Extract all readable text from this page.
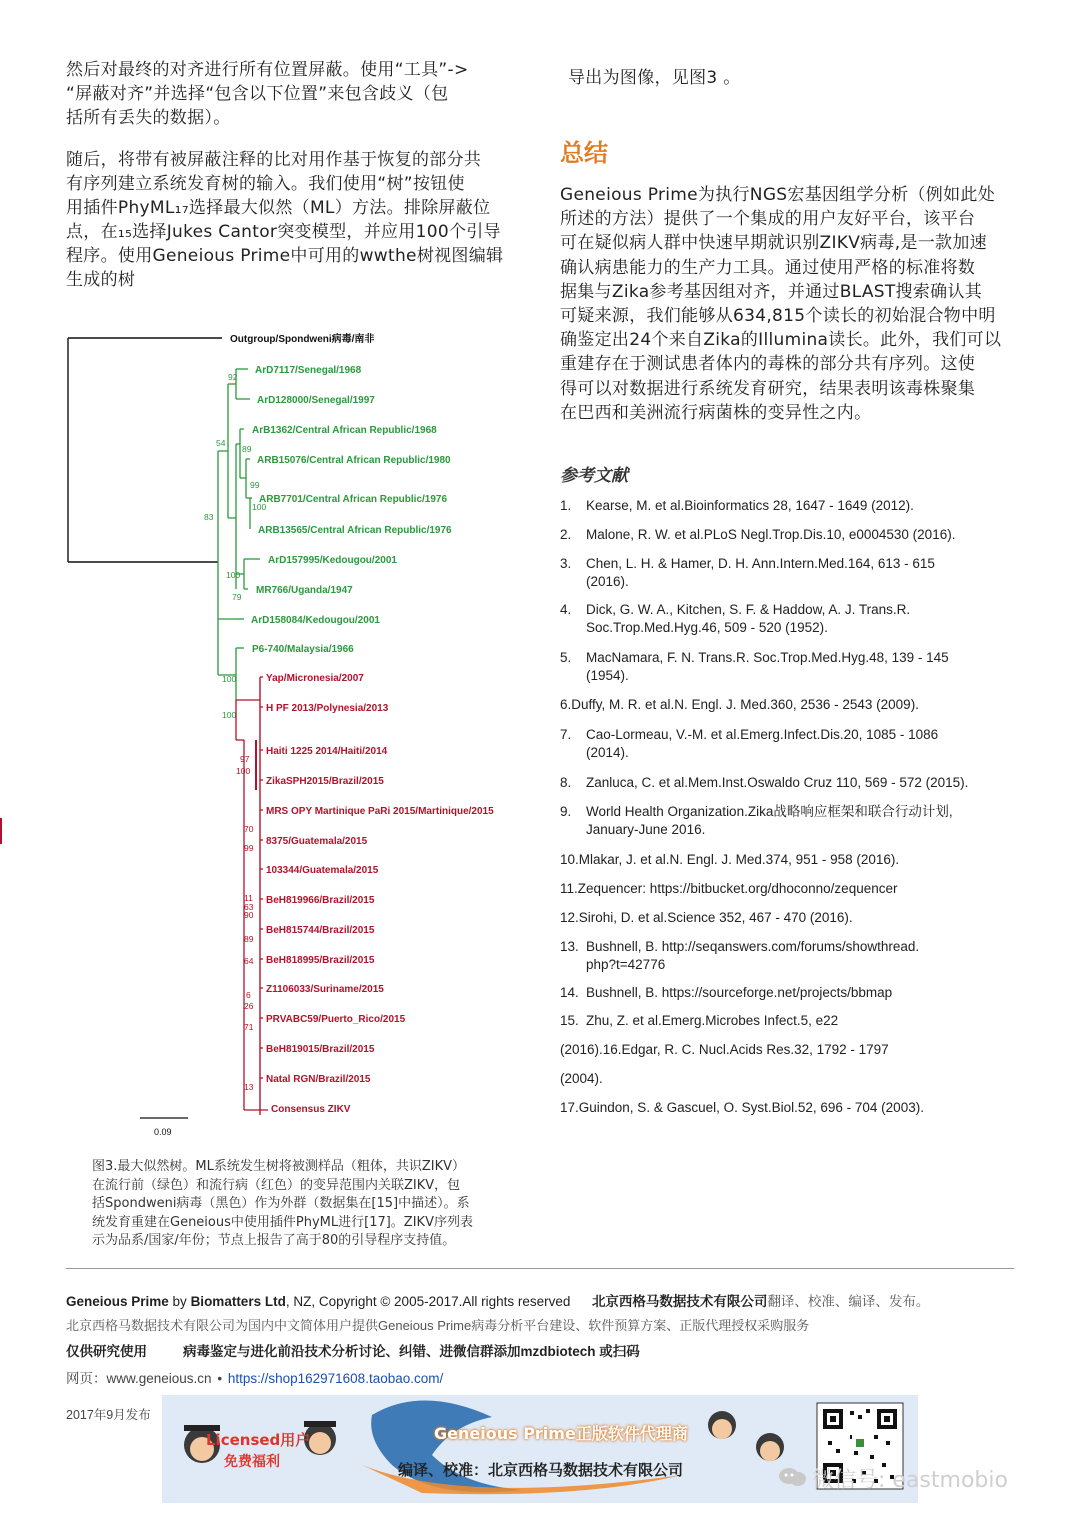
然后对最终的对齐进行所有位置屏蔽。使用“工具”->
“屏蔽对齐”并选择“包含以下位置”来包含歧义（包
括所有丢失的数据）。
随后，将带有被屏蔽注释的比对用作基于恢复的部分共
有序列建立系统发育树的输入。我们使用“树”按钮使
用插件PhyML₁₇选择最大似然（ML）方法。排除屏蔽位
点，在₁₅选择Jukes Cantor突变模型，并应用100个引导
程序。使用Geneious Prime中可用的wwthe树视图编辑
生成的树
导出为图像，见图3 。
总结
Geneious Prime为执行NGS宏基因组学分析（例如此处
所述的方法）提供了一个集成的用户友好平台，该平台
可在疑似病人群中快速早期就识别ZIKV病毒,是一款加速
确认病患能力的生产力工具。通过使用严格的标准将数
据集与Zika参考基因组对齐，并通过BLAST搜索确认其
可疑来源，我们能够从634,815个读长的初始混合物中明
确鉴定出24个来自Zika的Illumina读长。此外，我们可以
重建存在于测试患者体内的毒株的部分共有序列。这使
得可以对数据进行系统发育研究，结果表明该毒株聚集
在巴西和美洲流行病菌株的变异性之内。
参考文献
1. Kearse, M. et al.Bioinformatics 28, 1647 ‑ 1649 (2012).
2. Malone, R. W. et al.PLoS Negl.Trop.Dis.10, e0004530 (2016).
3. Chen, L. H. & Hamer, D. H. Ann.Intern.Med.164, 613 ‑ 615
(2016).
4. Dick, G. W. A., Kitchen, S. F. & Haddow, A. J. Trans.R.
Soc.Trop.Med.Hyg.46, 509 ‑ 520 (1952).
5. MacNamara, F. N. Trans.R. Soc.Trop.Med.Hyg.48, 139 ‑ 145
(1954).
6.Duffy, M. R. et al.N. Engl. J. Med.360, 2536 ‑ 2543 (2009).
7. Cao-Lormeau, V.-M. et al.Emerg.Infect.Dis.20, 1085 ‑ 1086
(2014).
8. Zanluca, C. et al.Mem.Inst.Oswaldo Cruz 110, 569 ‑ 572 (2015).
9. World Health Organization.Zika战略响应框架和联合行动计划,
January-June 2016.
10.Mlakar, J. et al.N. Engl. J. Med.374, 951 ‑ 958 (2016).
11.Zequencer: https://bitbucket.org/dhoconno/zequencer
12.Sirohi, D. et al.Science 352, 467 ‑ 470 (2016).
13. Bushnell, B. http://seqanswers.com/forums/showthread.
php?t=42776
14. Bushnell, B. https://sourceforge.net/projects/bbmap
15. Zhu, Z. et al.Emerg.Microbes Infect.5, e22
(2016).16.Edgar, R. C. Nucl.Acids Res.32, 1792 ‑ 1797
(2004).
17.Guindon, S. & Gascuel, O. Syst.Biol.52, 696 ‑ 704 (2003).
Outgroup/Spondweni病毒/南非
ArD7117/Senegal/1968
ArD128000/Senegal/1997
ArB1362/Central African Republic/1968
ARB15076/Central African Republic/1980
ARB7701/Central African Republic/1976
ARB13565/Central African Republic/1976
ArD157995/Kedougou/2001
MR766/Uganda/1947
ArD158084/Kedougou/2001
P6-740/Malaysia/1966
92
54
89
99
100
83
100
79
100
100
Yap/Micronesia/2007
H PF 2013/Polynesia/2013
Haiti 1225 2014/Haiti/2014
ZikaSPH2015/Brazil/2015
MRS OPY Martinique PaRi 2015/Martinique/2015
8375/Guatemala/2015
103344/Guatemala/2015
BeH819966/Brazil/2015
BeH815744/Brazil/2015
BeH818995/Brazil/2015
Z1106033/Suriname/2015
PRVABC59/Puerto_Rico/2015
BeH819015/Brazil/2015
Natal RGN/Brazil/2015
Consensus ZIKV
97
100
70
99
11
63
90
89
64
6
26
71
13
0.09
图3.最大似然树。ML系统发生树将被测样品（粗体，共识ZIKV）
在流行前（绿色）和流行病（红色）的变异范围内关联ZIKV，包
括Spondweni病毒（黑色）作为外群（数据集在[15]中描述）。系
统发育重建在Geneious中使用插件PhyML进行[17]。ZIKV序列表
示为品系/国家/年份；节点上报告了高于80的引导程序支持值。
Geneious Prime by Biomatters Ltd, NZ, Copyright © 2005-2017.All rights reserved 北京西格马数据技术有限公司翻译、校准、编译、发布。
北京西格马数据技术有限公司为国内中文简体用户提供Geneious Prime病毒分析平台建设、软件预算方案、正版代理授权采购服务
仅供研究使用	病毒鉴定与进化前沿技术分析讨论、纠错、进微信群添加mzdbiotech 或扫码
网页：www.geneious.cn • https://shop162971608.taobao.com/
2017年9月发布
Licensed用户
免费福利
Geneious Prime正版软件代理商
编译、校准：北京西格马数据技术有限公司	微信号: eastmobio
